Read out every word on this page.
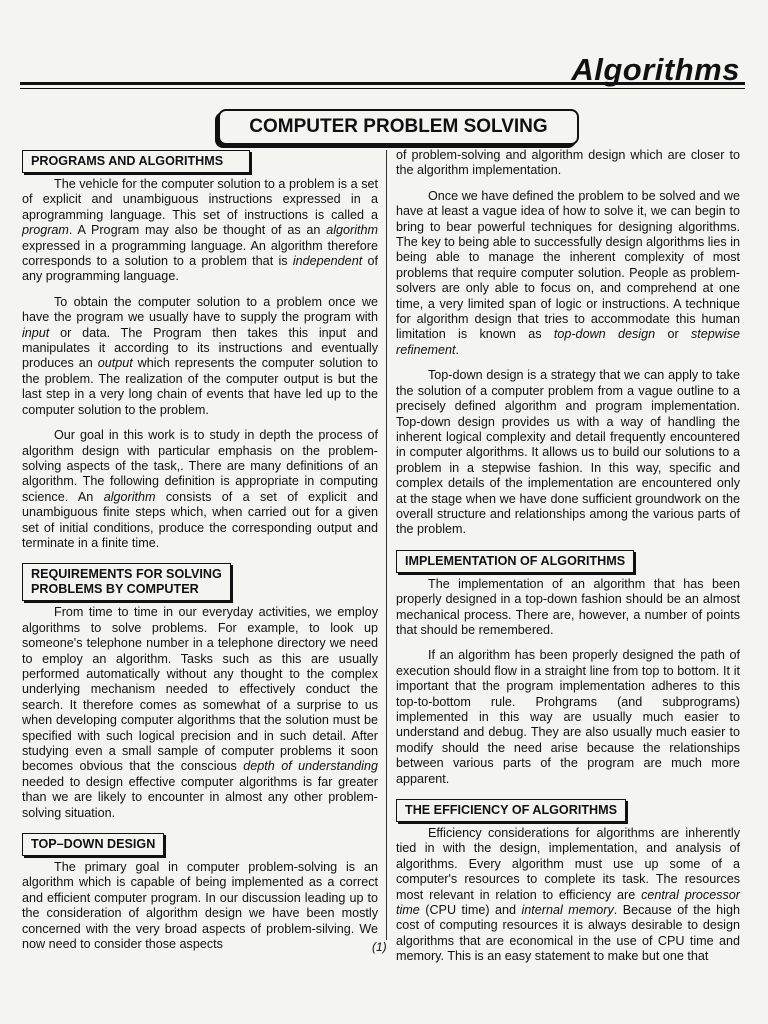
Algorithms
COMPUTER PROBLEM SOLVING
PROGRAMS AND ALGORITHMS

The vehicle for the computer solution to a problem is a set of explicit and unambiguous instructions expressed in a aprogramming language. This set of instructions is called a program. A Program may also be thought of as an algorithm expressed in a programming language. An algorithm therefore corresponds to a solution to a problem that is independent of any programming language.

To obtain the computer solution to a problem once we have the program we usually have to supply the program with input or data. The Program then takes this input and manipulates it according to its instructions and eventually produces an output which represents the computer solution to the problem. The realization of the computer output is but the last step in a very long chain of events that have led up to the computer solution to the problem.

Our goal in this work is to study in depth the process of algorithm design with particular emphasis on the problem-solving aspects of the task,. There are many definitions of an algorithm. The following definition is appropriate in computing science. An algorithm consists of a set of explicit and unambiguous finite steps which, when carried out for a given set of initial conditions, produce the corresponding output and terminate in a finite time.

REQUIREMENTS FOR SOLVING
PROBLEMS BY COMPUTER

From time to time in our everyday activities, we employ algorithms to solve problems. For example, to look up someone's telephone number in a telephone directory we need to employ an algorithm. Tasks such as this are usually performed automatically without any thought to the complex underlying mechanism needed to effectively conduct the search. It therefore comes as somewhat of a surprise to us when developing computer algorithms that the solution must be specified with such logical precision and in such detail. After studying even a small sample of computer problems it soon becomes obvious that the conscious depth of understanding needed to design effective computer algorithms is far greater than we are likely to encounter in almost any other problem-solving situation.

TOP–DOWN DESIGN

The primary goal in computer problem-solving is an algorithm which is capable of being implemented as a correct and efficient computer program. In our discussion leading up to the consideration of algorithm design we have been mostly concerned with the very broad aspects of problem-silving. We now need to consider those aspects

of problem-solving and algorithm design which are closer to the algorithm implementation.

Once we have defined the problem to be solved and we have at least a vague idea of how to solve it, we can begin to bring to bear powerful techniques for designing algorithms. The key to being able to successfully design algorithms lies in being able to manage the inherent complexity of most problems that require computer solution. People as problem-solvers are only able to focus on, and comprehend at one time, a very limited span of logic or instructions. A technique for algorithm design that tries to accommodate this human limitation is known as top-down design or stepwise refinement.

Top-down design is a strategy that we can apply to take the solution of a computer problem from a vague outline to a precisely defined algorithm and program implementation. Top-down design provides us with a way of handling the inherent logical complexity and detail frequently encountered in computer algorithms. It allows us to build our solutions to a problem in a stepwise fashion. In this way, specific and complex details of the implementation are encountered only at the stage when we have done sufficient groundwork on the overall structure and relationships among the various parts of the problem.

IMPLEMENTATION OF ALGORITHMS

The implementation of an algorithm that has been properly designed in a top-down fashion should be an almost mechanical process. There are, however, a number of points that should be remembered.

If an algorithm has been properly designed the path of execution should flow in a straight line from top to bottom. It it important that the program implementation adheres to this top-to-bottom rule. Prohgrams (and subprograms) implemented in this way are usually much easier to understand and debug. They are also usually much easier to modify should the need arise because the relationships between various parts of the program are much more apparent.

THE EFFICIENCY OF ALGORITHMS

Efficiency considerations for algorithms are inherently tied in with the design, implementation, and analysis of algorithms. Every algorithm must use up some of a computer's resources to complete its task. The resources most relevant in relation to efficiency are central processor time (CPU time) and internal memory. Because of the high cost of computing resources it is always desirable to design algorithms that are economical in the use of CPU time and memory. This is an easy statement to make but one that

(1)
